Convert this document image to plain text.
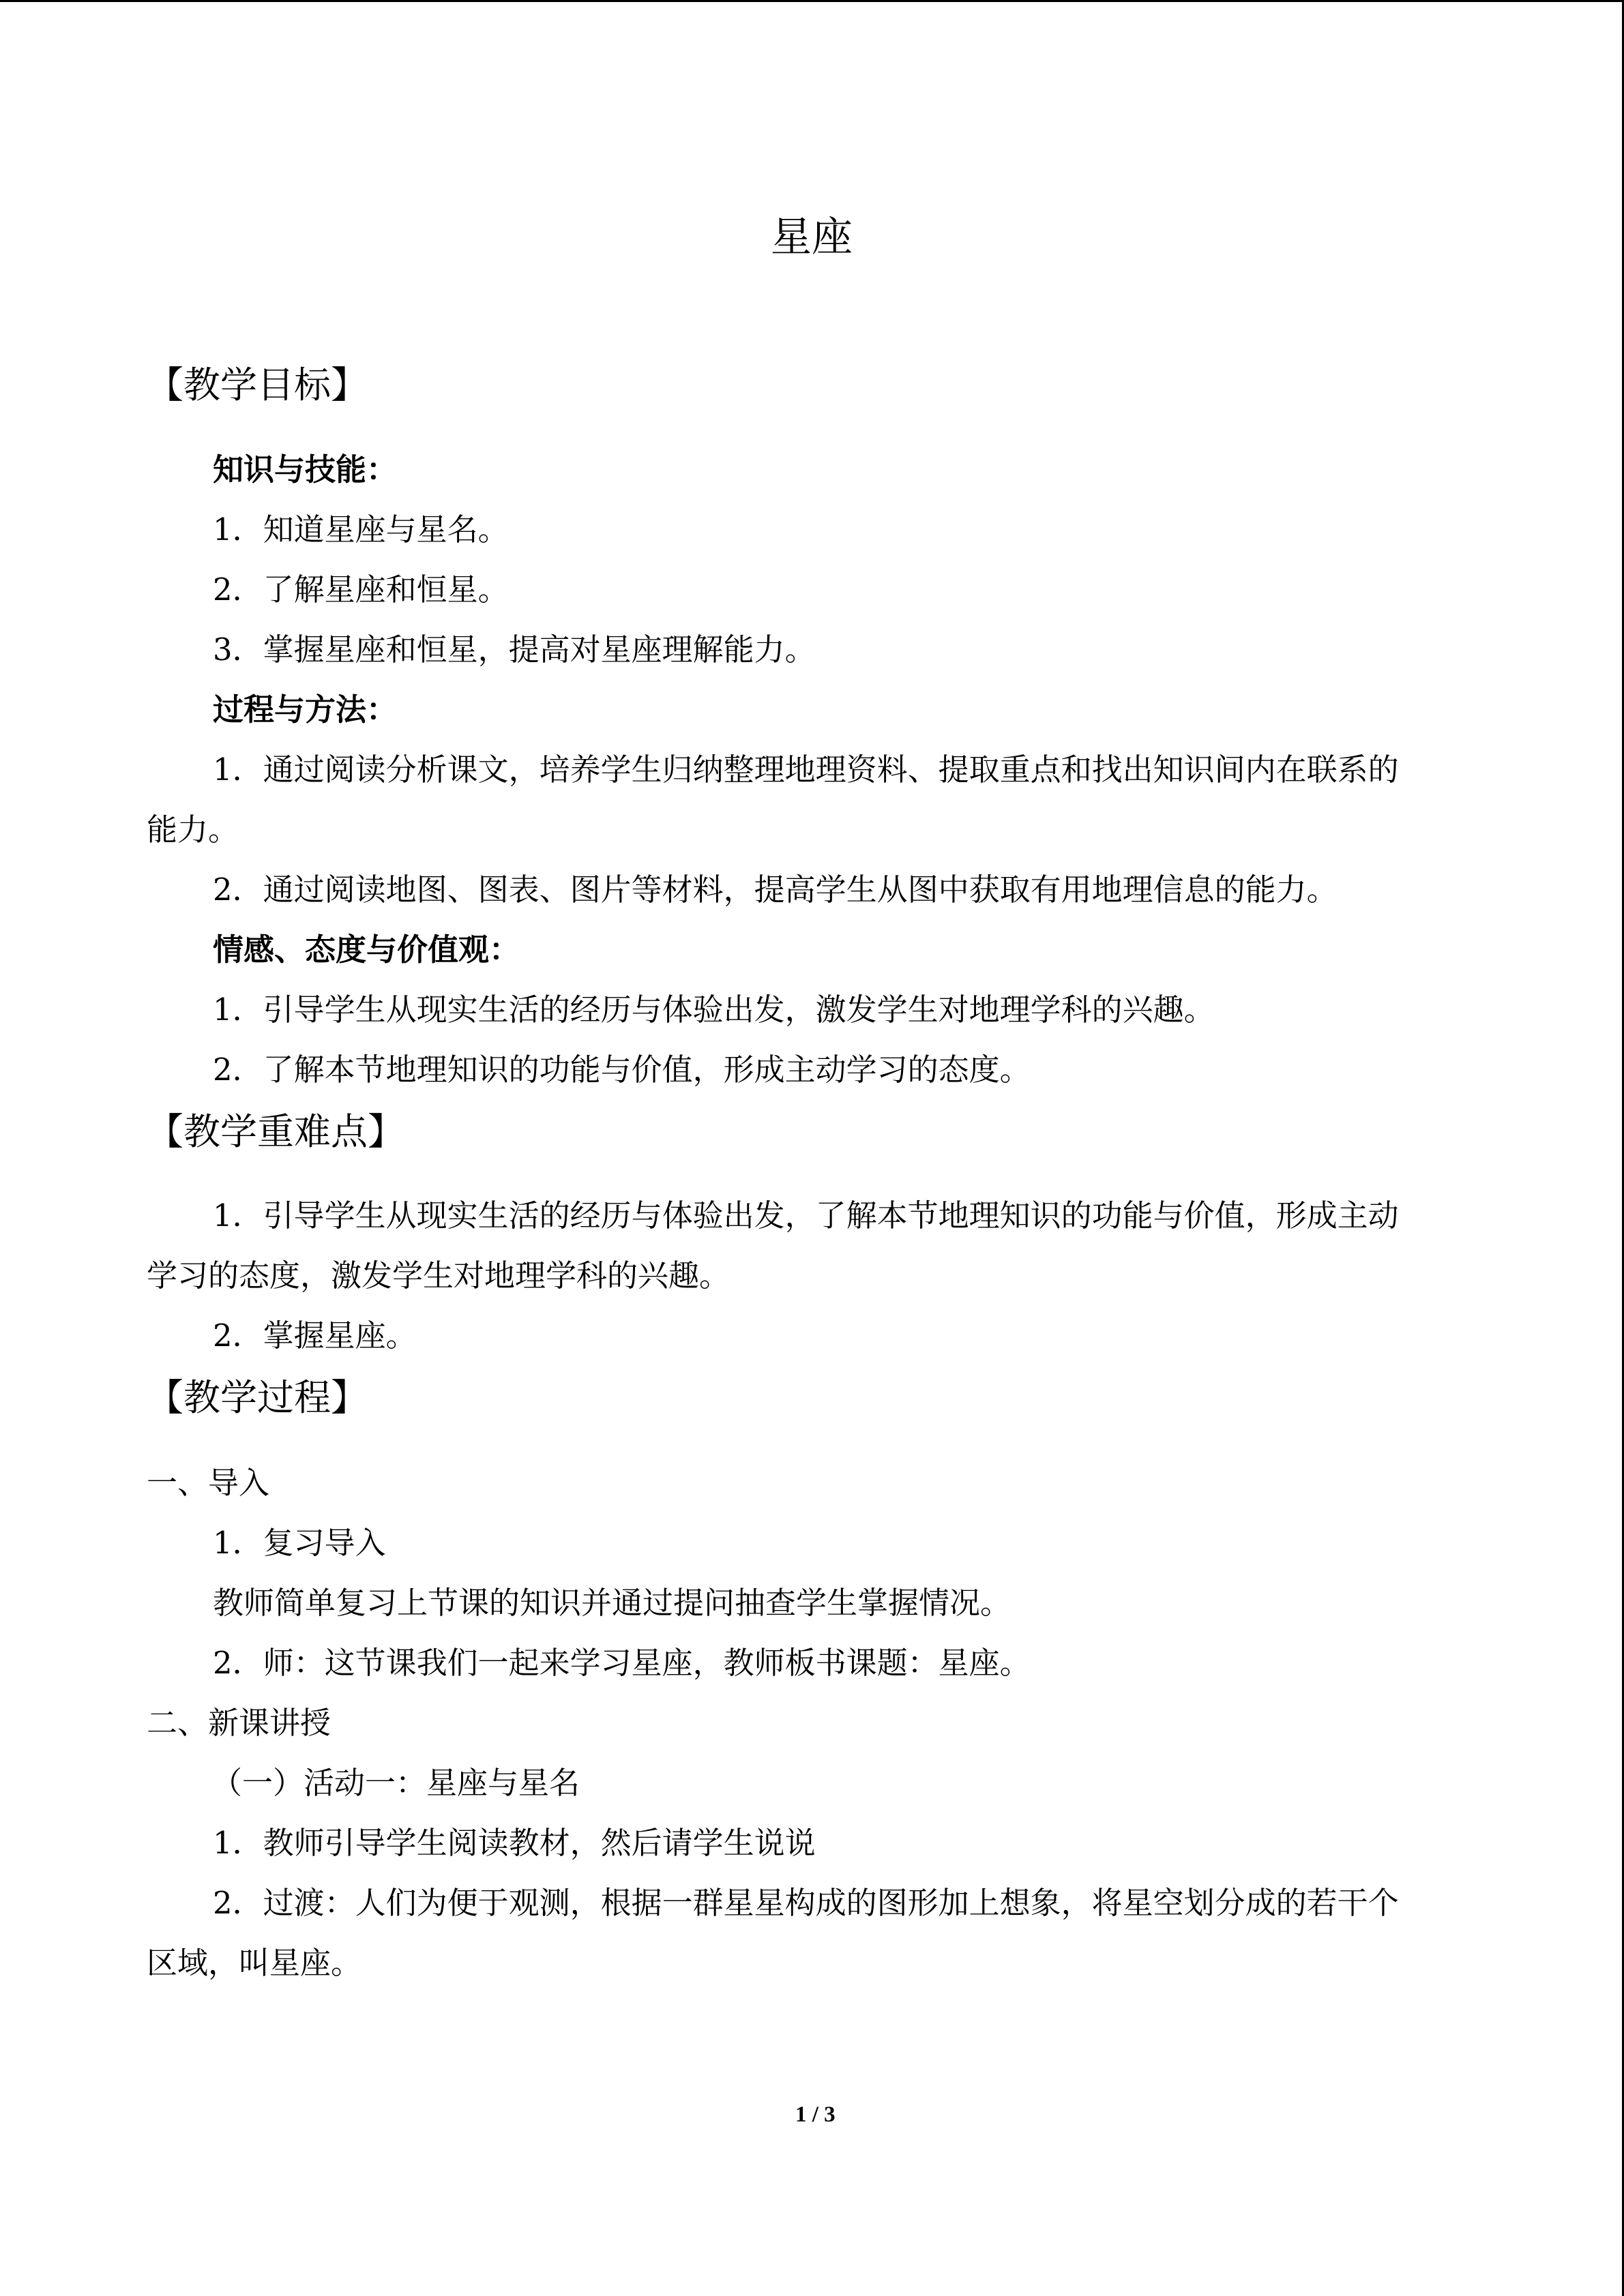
星座
【教学目标】
知识与技能：
1．知道星座与星名。
2．了解星座和恒星。
3．掌握星座和恒星，提高对星座理解能力。
过程与方法：
1．通过阅读分析课文，培养学生归纳整理地理资料、提取重点和找出知识间内在联系的
能力。
2．通过阅读地图、图表、图片等材料，提高学生从图中获取有用地理信息的能力。
情感、态度与价值观：
1．引导学生从现实生活的经历与体验出发，激发学生对地理学科的兴趣。
2．了解本节地理知识的功能与价值，形成主动学习的态度。
【教学重难点】
1．引导学生从现实生活的经历与体验出发，了解本节地理知识的功能与价值，形成主动
学习的态度，激发学生对地理学科的兴趣。
2．掌握星座。
【教学过程】
一、导入
1．复习导入
教师简单复习上节课的知识并通过提问抽查学生掌握情况。
2．师：这节课我们一起来学习星座，教师板书课题：星座。
二、新课讲授
（一）活动一：星座与星名
1．教师引导学生阅读教材，然后请学生说说
2．过渡：人们为便于观测，根据一群星星构成的图形加上想象，将星空划分成的若干个
区域，叫星座。
1 / 3
